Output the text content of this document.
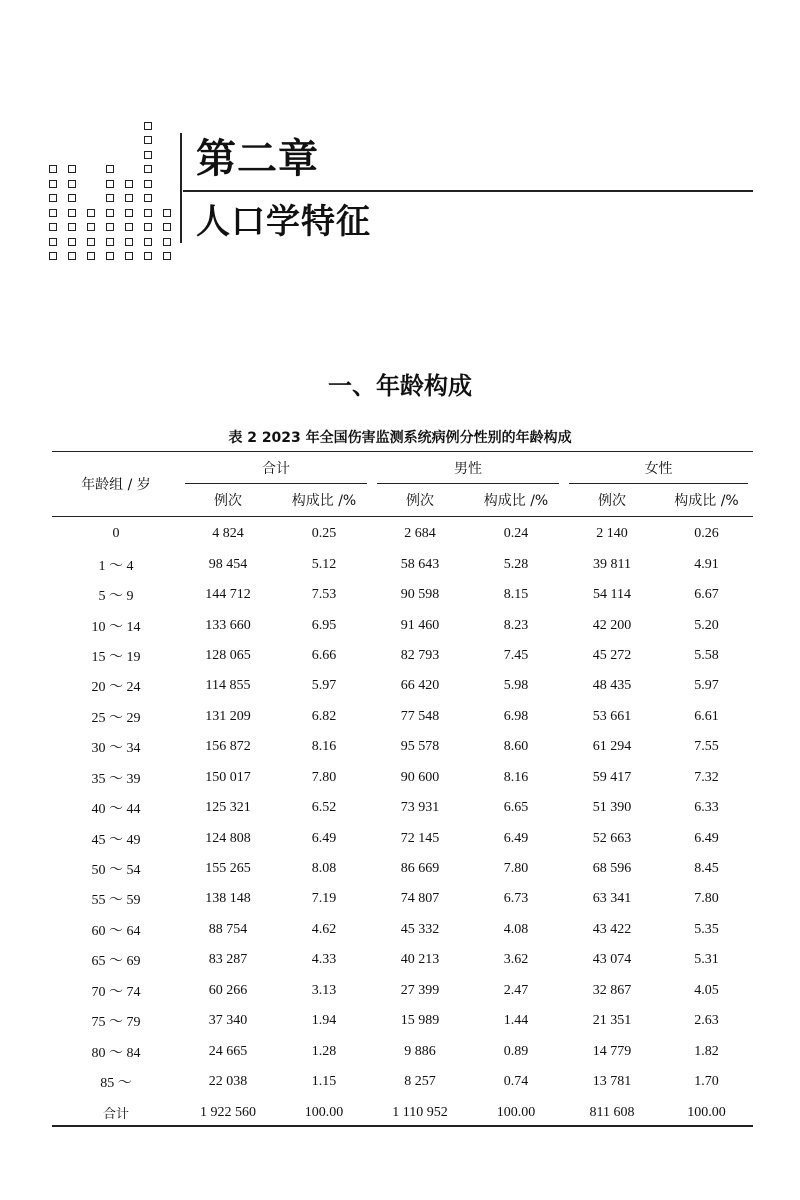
第二章
人口学特征
一、年龄构成
表 2 2023 年全国伤害监测系统病例分性别的年龄构成
年龄组 / 岁	合计		男性		女性	

	例次	构成比 /%	例次	构成比 /%	例次	构成比 /%
0	4 824	0.25	2 684	0.24	2 140	0.26
1 ～ 4	98 454	5.12	58 643	5.28	39 811	4.91
5 ～ 9	144 712	7.53	90 598	8.15	54 114	6.67
10 ～ 14	133 660	6.95	91 460	8.23	42 200	5.20
15 ～ 19	128 065	6.66	82 793	7.45	45 272	5.58
20 ～ 24	114 855	5.97	66 420	5.98	48 435	5.97
25 ～ 29	131 209	6.82	77 548	6.98	53 661	6.61
30 ～ 34	156 872	8.16	95 578	8.60	61 294	7.55
35 ～ 39	150 017	7.80	90 600	8.16	59 417	7.32
40 ～ 44	125 321	6.52	73 931	6.65	51 390	6.33
45 ～ 49	124 808	6.49	72 145	6.49	52 663	6.49
50 ～ 54	155 265	8.08	86 669	7.80	68 596	8.45
55 ～ 59	138 148	7.19	74 807	6.73	63 341	7.80
60 ～ 64	88 754	4.62	45 332	4.08	43 422	5.35
65 ～ 69	83 287	4.33	40 213	3.62	43 074	5.31
70 ～ 74	60 266	3.13	27 399	2.47	32 867	4.05
75 ～ 79	37 340	1.94	15 989	1.44	21 351	2.63
80 ～ 84	24 665	1.28	9 886	0.89	14 779	1.82
85 ～	22 038	1.15	8 257	0.74	13 781	1.70
合计	1 922 560	100.00	1 110 952	100.00	811 608	100.00
